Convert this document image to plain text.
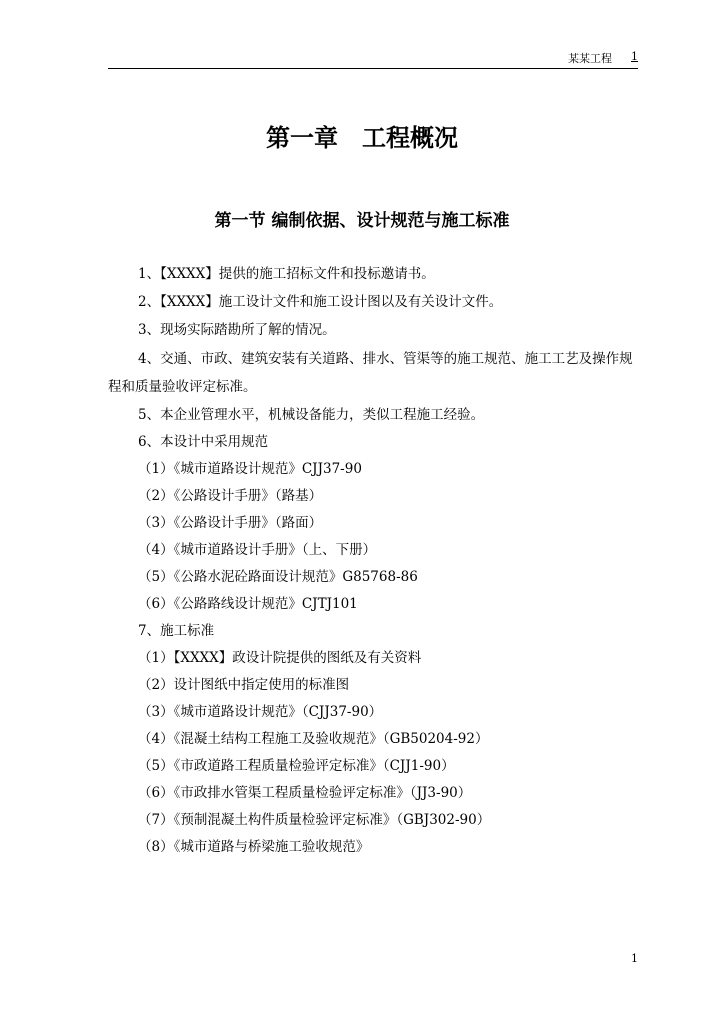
某某工程 1
第一章　工程概况
第一节 编制依据、设计规范与施工标准
1、【XXXX】提供的施工招标文件和投标邀请书。
2、【XXXX】施工设计文件和施工设计图以及有关设计文件。
3、现场实际踏勘所了解的情况。
4、交通、市政、建筑安装有关道路、排水、管渠等的施工规范、施工工艺及操作规
程和质量验收评定标准。
5、本企业管理水平，机械设备能力，类似工程施工经验。
6、本设计中采用规范
（1）《城市道路设计规范》CJJ37-90
（2）《公路设计手册》（路基）
（3）《公路设计手册》（路面）
（4）《城市道路设计手册》（上、下册）
（5）《公路水泥砼路面设计规范》G85768-86
（6）《公路路线设计规范》CJTJ101
7、施工标准
（1）【XXXX】政设计院提供的图纸及有关资料
（2）设计图纸中指定使用的标准图
（3）《城市道路设计规范》（CJJ37-90）
（4）《混凝土结构工程施工及验收规范》（GB50204-92）
（5）《市政道路工程质量检验评定标准》（CJJ1-90）
（6）《市政排水管渠工程质量检验评定标准》（JJ3-90）
（7）《预制混凝土构件质量检验评定标准》（GBJ302-90）
（8）《城市道路与桥梁施工验收规范》
1
